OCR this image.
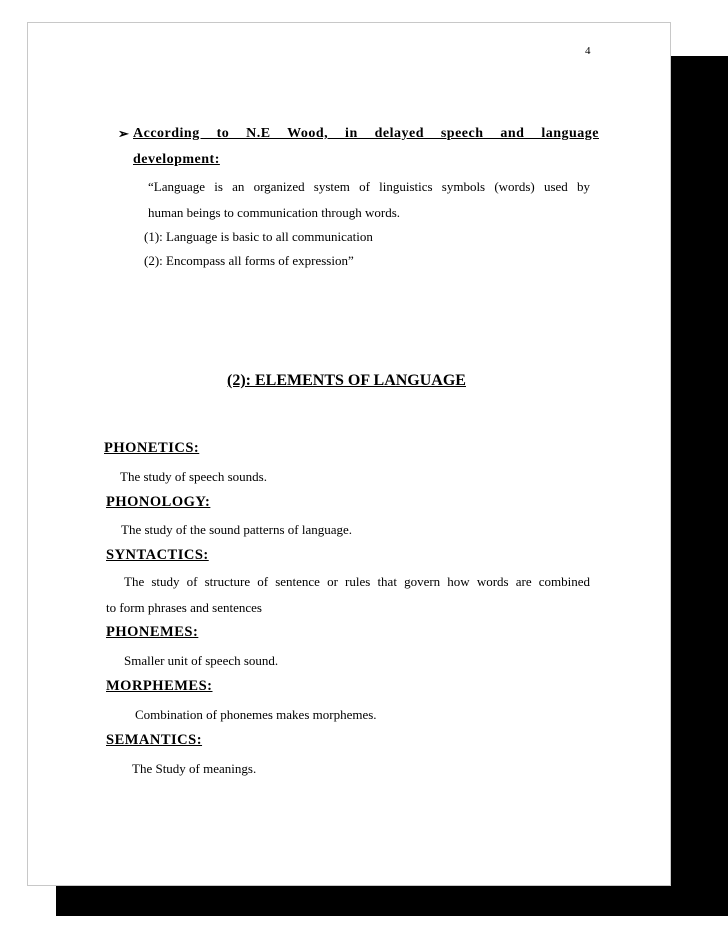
4
➢ According to N.E Wood, in delayed speech and language
development:
“Language is an organized system of linguistics symbols (words) used by
human beings to communication through words.
(1): Language is basic to all communication
(2): Encompass all forms of expression”
(2): ELEMENTS OF LANGUAGE
PHONETICS:
The study of speech sounds.
PHONOLOGY:
The study of the sound patterns of language.
SYNTACTICS:
The study of structure of sentence or rules that govern how words are combined
to form phrases and sentences
PHONEMES:
Smaller unit of speech sound.
MORPHEMES:
Combination of phonemes makes morphemes.
SEMANTICS:
The Study of meanings.
